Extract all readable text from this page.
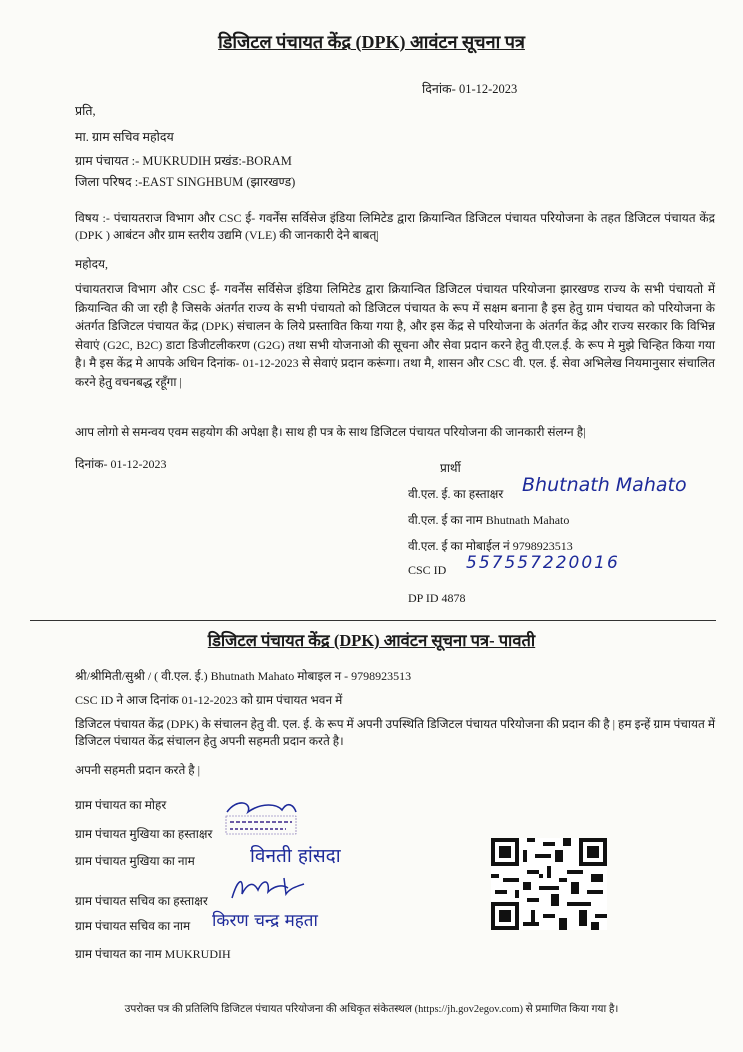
डिजिटल पंचायत केंद्र (DPK) आवंटन सूचना पत्र
दिनांक- 01-12-2023
प्रति,
मा. ग्राम सचिव महोदय
ग्राम पंचायत :- MUKRUDIH प्रखंड:-BORAM
जिला परिषद :-EAST SINGHBUM (झारखण्ड)
विषय :- पंचायतराज विभाग और CSC ई- गवर्नेंस सर्विसेज इंडिया लिमिटेड द्वारा क्रियान्वित डिजिटल पंचायत परियोजना के तहत डिजिटल पंचायत केंद्र (DPK ) आबंटन और ग्राम स्तरीय उद्यमि (VLE) की जानकारी देने बाबत्|
महोदय,
पंचायतराज विभाग और CSC ई- गवर्नेंस सर्विसेज इंडिया लिमिटेड द्वारा क्रियान्वित डिजिटल पंचायत परियोजना झारखण्ड राज्य के सभी पंचायतो में क्रियान्वित की जा रही है जिसके अंतर्गत राज्य के सभी पंचायतो को डिजिटल पंचायत के रूप में सक्षम बनाना है इस हेतु ग्राम पंचायत को परियोजना के अंतर्गत डिजिटल पंचायत केंद्र (DPK) संचालन के लिये प्रस्तावित किया गया है, और इस केंद्र से परियोजना के अंतर्गत केंद्र और राज्य सरकार कि विभिन्न सेवाएं (G2C, B2C) डाटा डिजीटलीकरण (G2G) तथा सभी योजनाओ की सूचना और सेवा प्रदान करने हेतु वी.एल.ई. के रूप मे मुझे चिन्हित किया गया है। मै इस केंद्र मे आपके अधिन दिनांक- 01-12-2023 से सेवाएं प्रदान करूंगा। तथा मै, शासन और CSC वी. एल. ई. सेवा अभिलेख नियमानुसार संचालित करने हेतु वचनबद्ध रहूँगा |
आप लोगो से समन्वय एवम सहयोग की अपेक्षा है। साथ ही पत्र के साथ डिजिटल पंचायत परियोजना की जानकारी संलग्न है|
दिनांक- 01-12-2023	प्रार्थी
वी.एल. ई. का हस्ताक्षर Bhutnath Mahato
वी.एल. ई का नाम Bhutnath Mahato
वी.एल. ई का मोबाईल नं 9798923513
CSC ID 557557220016
DP ID 4878
डिजिटल पंचायत केंद्र (DPK) आवंटन सूचना पत्र- पावती
श्री/श्रीमिती/सुश्री / ( वी.एल. ई.) Bhutnath Mahato मोबाइल न - 9798923513
CSC ID ने आज दिनांक 01-12-2023 को ग्राम पंचायत भवन में
डिजिटल पंचायत केंद्र (DPK) के संचालन हेतु वी. एल. ई. के रूप में अपनी उपस्थिति डिजिटल पंचायत परियोजना की प्रदान की है | हम इन्हें ग्राम पंचायत में डिजिटल पंचायत केंद्र संचालन हेतु अपनी सहमती प्रदान करते है।
अपनी सहमती प्रदान करते है |
ग्राम पंचायत का मोहर
ग्राम पंचायत मुखिया का हस्ताक्षर
ग्राम पंचायत मुखिया का नाम	विनती हांसदा
ग्राम पंचायत सचिव का हस्ताक्षर
ग्राम पंचायत सचिव का नाम किरण चन्द्र महता
ग्राम पंचायत का नाम MUKRUDIH
उपरोक्त पत्र की प्रतिलिपि डिजिटल पंचायत परियोजना की अधिकृत संकेतस्थल (https://jh.gov2egov.com) से प्रमाणित किया गया है।
